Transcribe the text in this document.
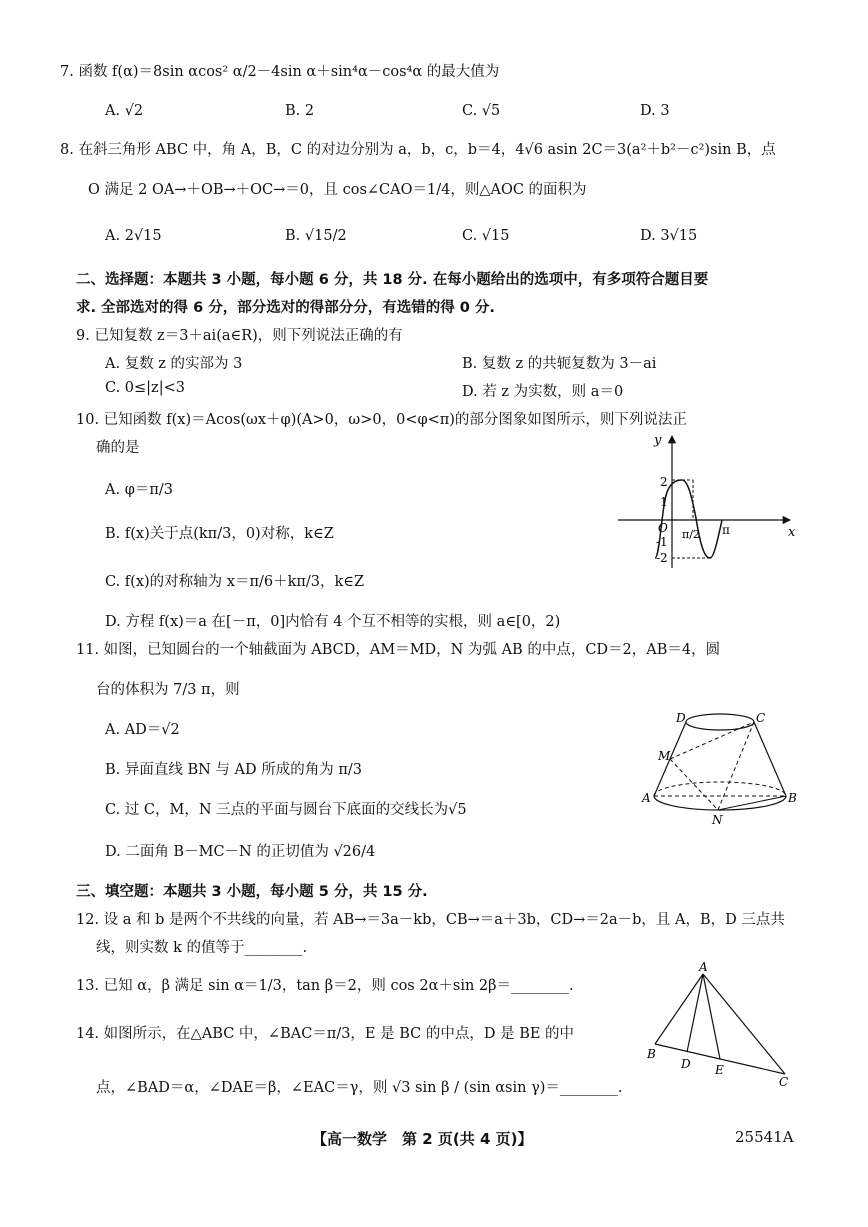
7. 函数 f(α)＝8sin αcos² α/2－4sin α＋sin⁴α－cos⁴α 的最大值为
A. √2	B. 2	C. √5	D. 3
8. 在斜三角形 ABC 中，角 A，B，C 的对边分别为 a，b，c，b＝4，4√6 asin 2C＝3(a²＋b²－c²)sin B，点
O 满足 2 OA→＋OB→＋OC→＝0，且 cos∠CAO＝1/4，则△AOC 的面积为
A. 2√15	B. √15/2	C. √15	D. 3√15
二、选择题：本题共 3 小题，每小题 6 分，共 18 分. 在每小题给出的选项中，有多项符合题目要
求. 全部选对的得 6 分，部分选对的得部分分，有选错的得 0 分.
9. 已知复数 z＝3＋ai(a∈R)，则下列说法正确的有
A. 复数 z 的实部为 3	B. 复数 z 的共轭复数为 3－ai
C. 0≤|z|<3	D. 若 z 为实数，则 a＝0
10. 已知函数 f(x)＝Acos(ωx＋φ)(A>0，ω>0，0<φ<π)的部分图象如图所示，则下列说法正
确的是
A. φ＝π/3
B. f(x)关于点(kπ/3，0)对称，k∈Z
C. f(x)的对称轴为 x＝π/6＋kπ/3，k∈Z
D. 方程 f(x)＝a 在[－π，0]内恰有 4 个互不相等的实根，则 a∈[0，2)
y
x
O
2
1
-1
-2
π/2 π
11. 如图，已知圆台的一个轴截面为 ABCD，AM＝MD，N 为弧 AB 的中点，CD＝2，AB＝4，圆
台的体积为 7/3 π，则
A. AD＝√2
B. 异面直线 BN 与 AD 所成的角为 π/3
C. 过 C，M，N 三点的平面与圆台下底面的交线长为√5
D. 二面角 B－MC－N 的正切值为 √26/4
D	C
M
A	B
N
三、填空题：本题共 3 小题，每小题 5 分，共 15 分.
12. 设 a 和 b 是两个不共线的向量，若 AB→＝3a－kb，CB→＝a＋3b，CD→＝2a－b，且 A，B，D 三点共
线，则实数 k 的值等于________.
13. 已知 α，β 满足 sin α＝1/3，tan β＝2，则 cos 2α＋sin 2β＝________.
14. 如图所示，在△ABC 中，∠BAC＝π/3，E 是 BC 的中点，D 是 BE 的中
点，∠BAD＝α，∠DAE＝β，∠EAC＝γ，则 √3 sin β / (sin αsin γ)＝________.
A
B
D E
C
【高一数学　第 2 页(共 4 页)】	25541A
